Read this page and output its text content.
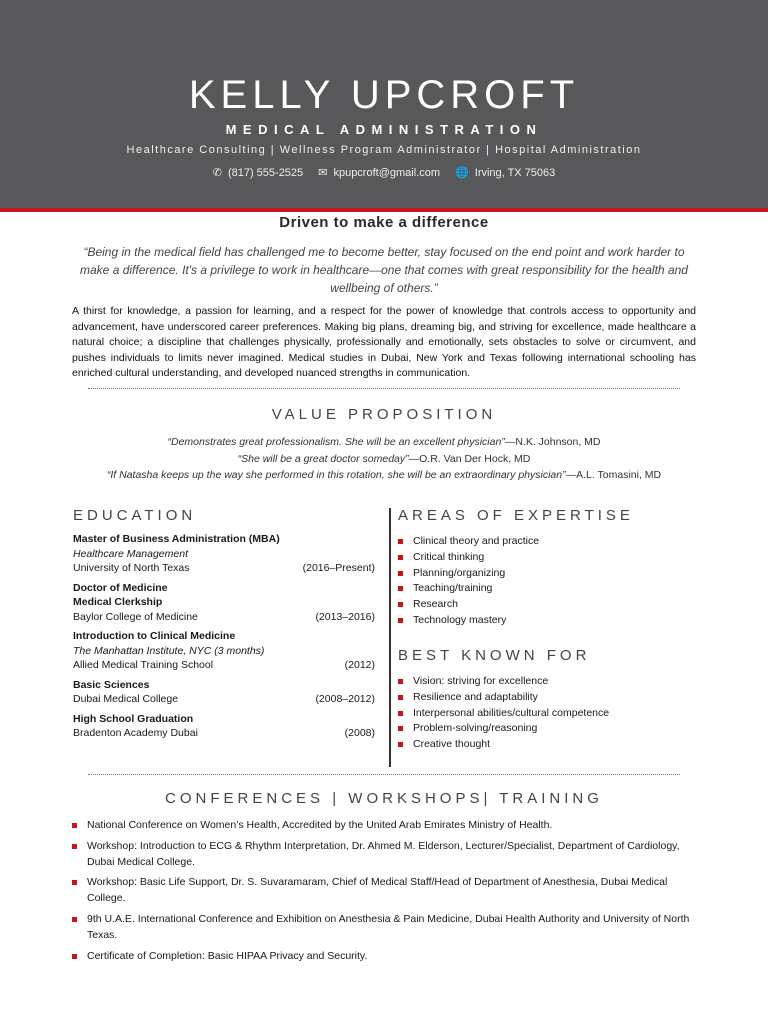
KELLY UPCROFT
MEDICAL ADMINISTRATION
Healthcare Consulting | Wellness Program Administrator | Hospital Administration
✆ (817) 555-2525 ✉ kpupcroft@gmail.com 🌐 Irving, TX 75063
Driven to make a difference
“Being in the medical field has challenged me to become better, stay focused on the end point and work harder to make a difference. It's a privilege to work in healthcare—one that comes with great responsibility for the health and wellbeing of others.”
A thirst for knowledge, a passion for learning, and a respect for the power of knowledge that controls access to opportunity and advancement, have underscored career preferences. Making big plans, dreaming big, and striving for excellence, made healthcare a natural choice; a discipline that challenges physically, professionally and emotionally, sets obstacles to solve or circumvent, and pushes individuals to limits never imagined. Medical studies in Dubai, New York and Texas following international schooling has enriched cultural understanding, and developed nuanced strengths in communication.
VALUE PROPOSITION
“Demonstrates great professionalism. She will be an excellent physician”—N.K. Johnson, MD
“She will be a great doctor someday”—O.R. Van Der Hock, MD
“If Natasha keeps up the way she performed in this rotation, she will be an extraordinary physician”—A.L. Tomasini, MD
EDUCATION
Master of Business Administration (MBA)
Healthcare Management
University of North Texas	(2016–Present)
Doctor of Medicine
Medical Clerkship
Baylor College of Medicine	(2013–2016)
Introduction to Clinical Medicine
The Manhattan Institute, NYC (3 months)
Allied Medical Training School	(2012)
Basic Sciences
Dubai Medical College	(2008–2012)
High School Graduation
Bradenton Academy Dubai	(2008)
AREAS OF EXPERTISE
Clinical theory and practice
Critical thinking
Planning/organizing
Teaching/training
Research
Technology mastery
BEST KNOWN FOR
Vision: striving for excellence
Resilience and adaptability
Interpersonal abilities/cultural competence
Problem-solving/reasoning
Creative thought
CONFERENCES | WORKSHOPS| TRAINING
National Conference on Women’s Health, Accredited by the United Arab Emirates Ministry of Health.
Workshop: Introduction to ECG & Rhythm Interpretation, Dr. Ahmed M. Elderson, Lecturer/Specialist, Department of Cardiology, Dubai Medical College.
Workshop: Basic Life Support, Dr. S. Suvaramaram, Chief of Medical Staff/Head of Department of Anesthesia, Dubai Medical College.
9th U.A.E. International Conference and Exhibition on Anesthesia & Pain Medicine, Dubai Health Authority and University of North Texas.
Certificate of Completion: Basic HIPAA Privacy and Security.
